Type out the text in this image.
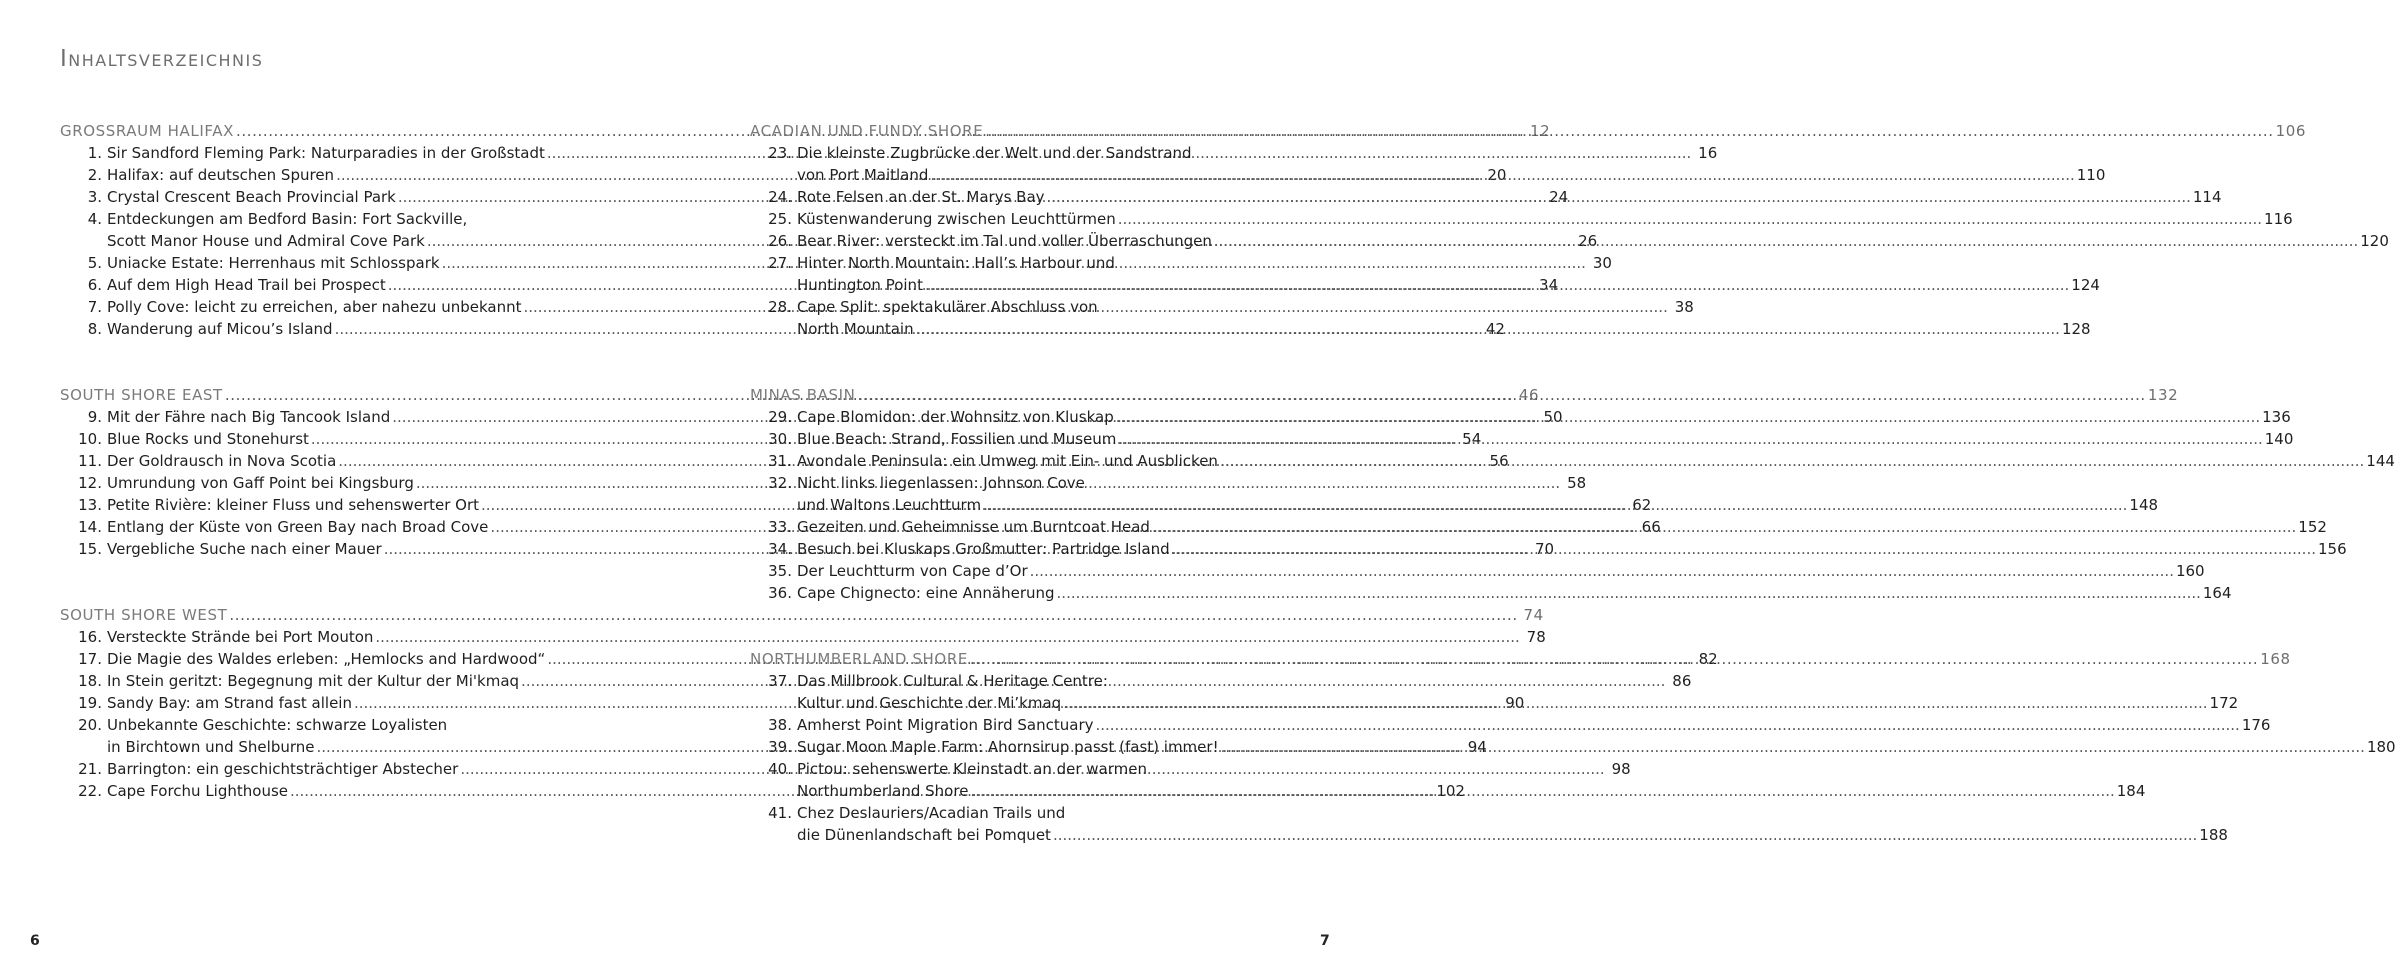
Inhaltsverzeichnis
GROSSRAUM HALIFAX .....	12
1. Sir Sandford Fleming Park: Naturparadies in der Großstadt .....	16
2. Halifax: auf deutschen Spuren .....	20
3. Crystal Crescent Beach Provincial Park .....	24
4. Entdeckungen am Bedford Basin: Fort Sackville,
Scott Manor House und Admiral Cove Park .....	26
5. Uniacke Estate: Herrenhaus mit Schlosspark .....	30
6. Auf dem High Head Trail bei Prospect .....	34
7. Polly Cove: leicht zu erreichen, aber nahezu unbekannt .....	38
8. Wanderung auf Micou’s Island .....	42
SOUTH SHORE EAST .....	46
9. Mit der Fähre nach Big Tancook Island .....	50
10. Blue Rocks und Stonehurst .....	54
11. Der Goldrausch in Nova Scotia .....	56
12. Umrundung von Gaff Point bei Kingsburg .....	58
13. Petite Rivière: kleiner Fluss und sehenswerter Ort .....	62
14. Entlang der Küste von Green Bay nach Broad Cove .....	66
15. Vergebliche Suche nach einer Mauer .....	70
SOUTH SHORE WEST .....	74
16. Versteckte Strände bei Port Mouton .....	78
17. Die Magie des Waldes erleben: „Hemlocks and Hardwood“ .....	82
18. In Stein geritzt: Begegnung mit der Kultur der Mi'kmaq .....	86
19. Sandy Bay: am Strand fast allein .....	90
20. Unbekannte Geschichte: schwarze Loyalisten
in Birchtown und Shelburne .....	94
21. Barrington: ein geschichtsträchtiger Abstecher .....	98
22. Cape Forchu Lighthouse .....	102
ACADIAN UND FUNDY SHORE .....	106
23. Die kleinste Zugbrücke der Welt und der Sandstrand
von Port Maitland .....	110
24. Rote Felsen an der St. Marys Bay .....	114
25. Küstenwanderung zwischen Leuchttürmen .....	116
26. Bear River: versteckt im Tal und voller Überraschungen .....	120
27. Hinter North Mountain: Hall’s Harbour und
Huntington Point .....	124
28. Cape Split: spektakulärer Abschluss von
North Mountain .....	128
MINAS BASIN .....	132
29. Cape Blomidon: der Wohnsitz von Kluskap .....	136
30. Blue Beach: Strand, Fossilien und Museum .....	140
31. Avondale Peninsula: ein Umweg mit Ein- und Ausblicken .....	144
32. Nicht links liegenlassen: Johnson Cove
und Waltons Leuchtturm .....	148
33. Gezeiten und Geheimnisse um Burntcoat Head .....	152
34. Besuch bei Kluskaps Großmutter: Partridge Island .....	156
35. Der Leuchtturm von Cape d’Or .....	160
36. Cape Chignecto: eine Annäherung .....	164
NORTHUMBERLAND SHORE .....	168
37. Das Millbrook Cultural & Heritage Centre:
Kultur und Geschichte der Mi’kmaq .....	172
38. Amherst Point Migration Bird Sanctuary .....	176
39. Sugar Moon Maple Farm: Ahornsirup passt (fast) immer! .....	180
40. Pictou: sehenswerte Kleinstadt an der warmen
Northumberland Shore .....	184
41. Chez Deslauriers/Acadian Trails und
die Dünenlandschaft bei Pomquet .....	188
6	7
